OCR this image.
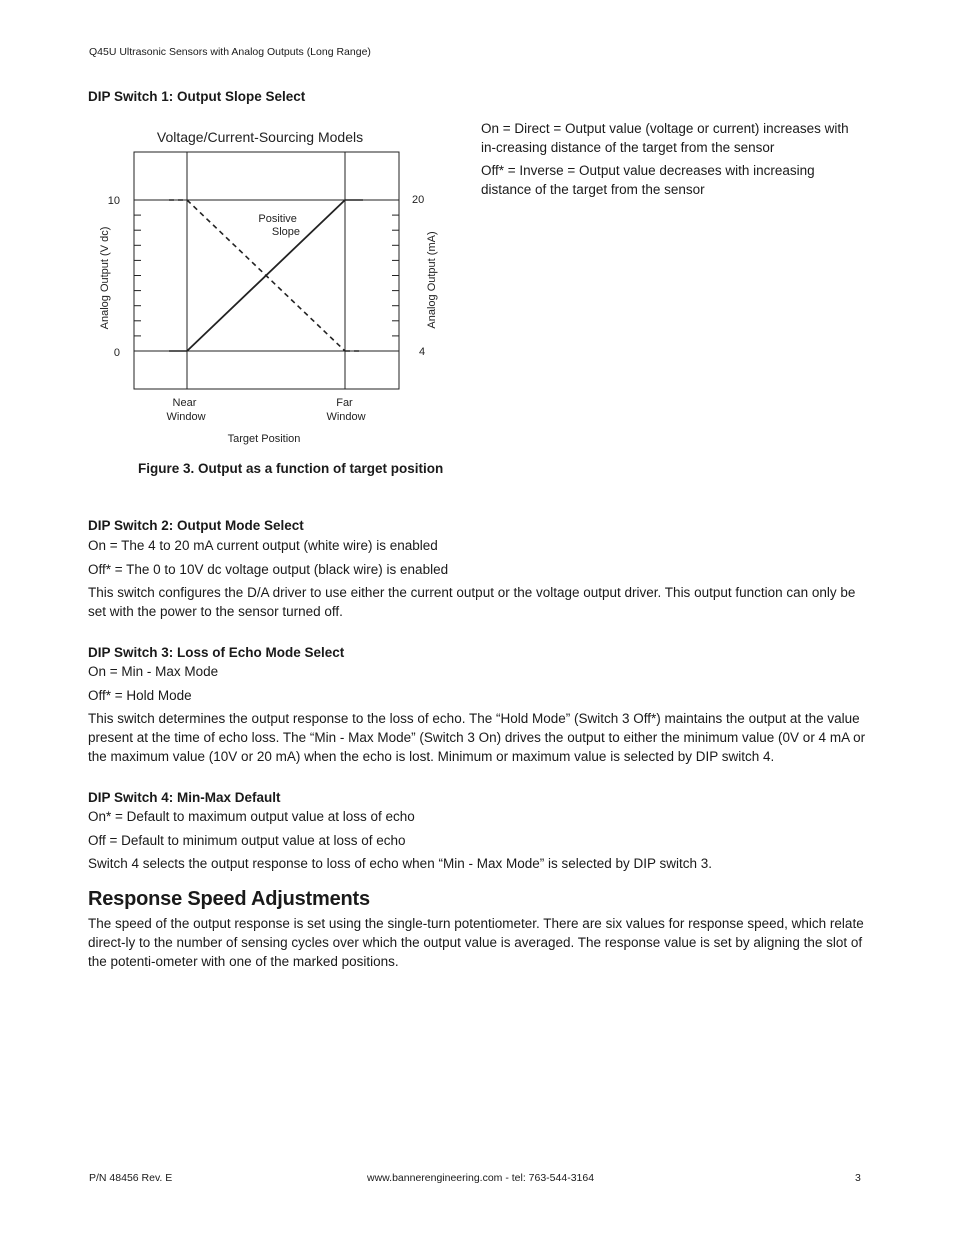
Q45U Ultrasonic Sensors with Analog Outputs (Long Range)
DIP Switch 1: Output Slope Select
On = Direct = Output value (voltage or current) increases with in-creasing distance of the target from the sensor
Off* = Inverse = Output value decreases with increasing distance of the target from the sensor
Voltage/Current-Sourcing Models
10
0
20
4
Analog Output (V dc)	Analog Output (mA)
Positive Slope
Near Window
Far Window
Target Position
Figure 3. Output as a function of target position
DIP Switch 2: Output Mode Select
On = The 4 to 20 mA current output (white wire) is enabled
Off* = The 0 to 10V dc voltage output (black wire) is enabled
This switch configures the D/A driver to use either the current output or the voltage output driver. This output function can only be set with the power to the sensor turned off.
DIP Switch 3: Loss of Echo Mode Select
On = Min - Max Mode
Off* = Hold Mode
This switch determines the output response to the loss of echo. The “Hold Mode” (Switch 3 Off*) maintains the output at the value present at the time of echo loss. The “Min - Max Mode” (Switch 3 On) drives the output to either the minimum value (0V or 4 mA or the maximum value (10V or 20 mA) when the echo is lost. Minimum or maximum value is selected by DIP switch 4.
DIP Switch 4: Min-Max Default
On* = Default to maximum output value at loss of echo
Off = Default to minimum output value at loss of echo
Switch 4 selects the output response to loss of echo when “Min - Max Mode” is selected by DIP switch 3.
Response Speed Adjustments
The speed of the output response is set using the single-turn potentiometer. There are six values for response speed, which relate direct-ly to the number of sensing cycles over which the output value is averaged. The response value is set by aligning the slot of the potenti-ometer with one of the marked positions.
P/N 48456 Rev. E	www.bannerengineering.com - tel: 763-544-3164	3
